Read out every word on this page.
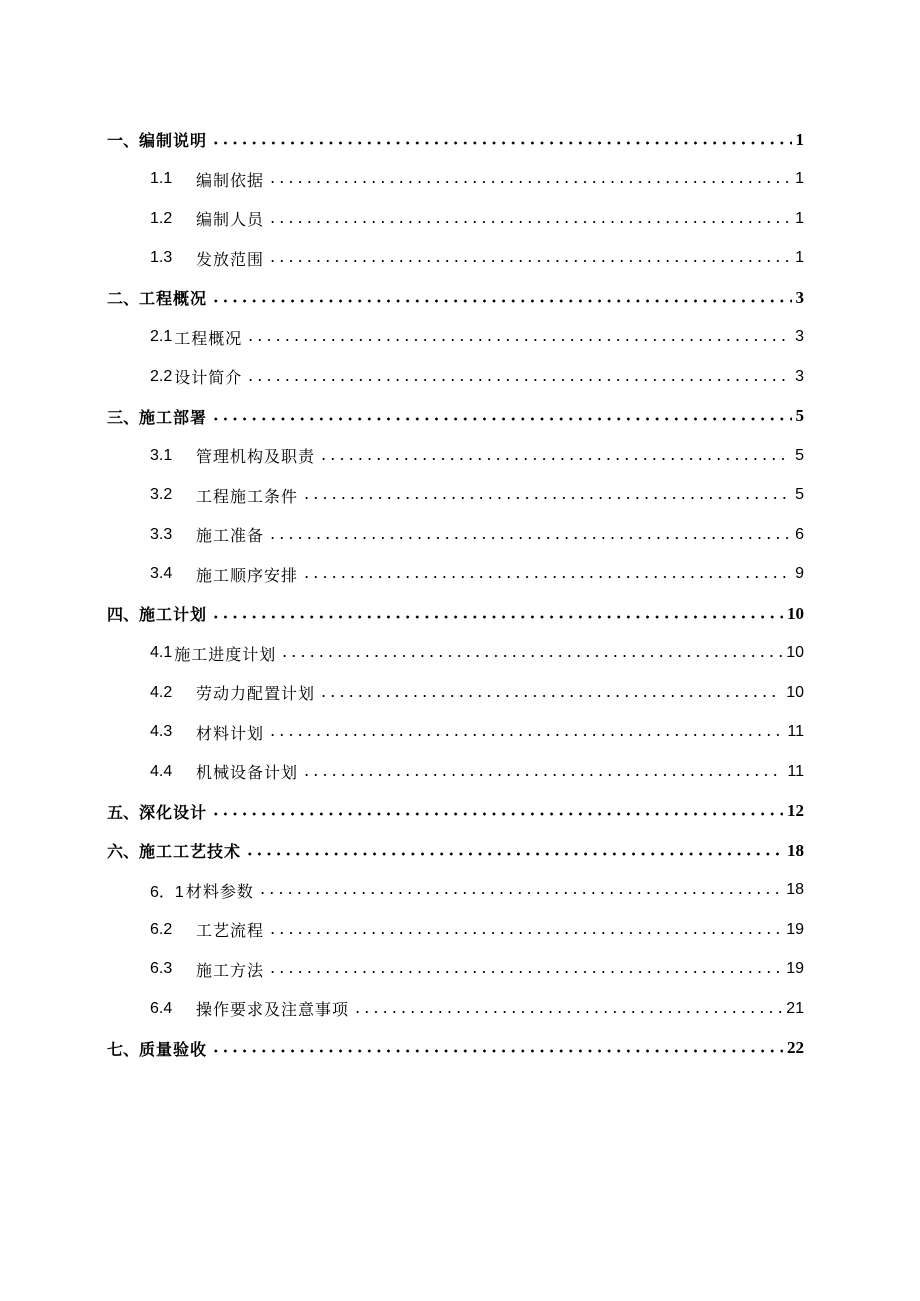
一、 编制说明	1
1.1	编制依据	1
1.2	编制人员	1
1.3	发放范围	1
二、 工程概况	3
2.1 工程概况	3
2.2 设计简介	3
三、 施工部署	5
3.1	管理机构及职责	5
3.2	工程施工条件	5
3.3	施工准备	6
3.4	施工顺序安排	9
四、 施工计划	10
4.1 施工进度计划	10
4.2	劳动力配置计划	10
4.3	材料计划	11
4.4	机械设备计划	11
五、 深化设计	12
六、 施工工艺技术	18
6．1 材料参数	18
6.2	工艺流程	19
6.3	施工方法	19
6.4	操作要求及注意事项	21
七、 质量验收	22
